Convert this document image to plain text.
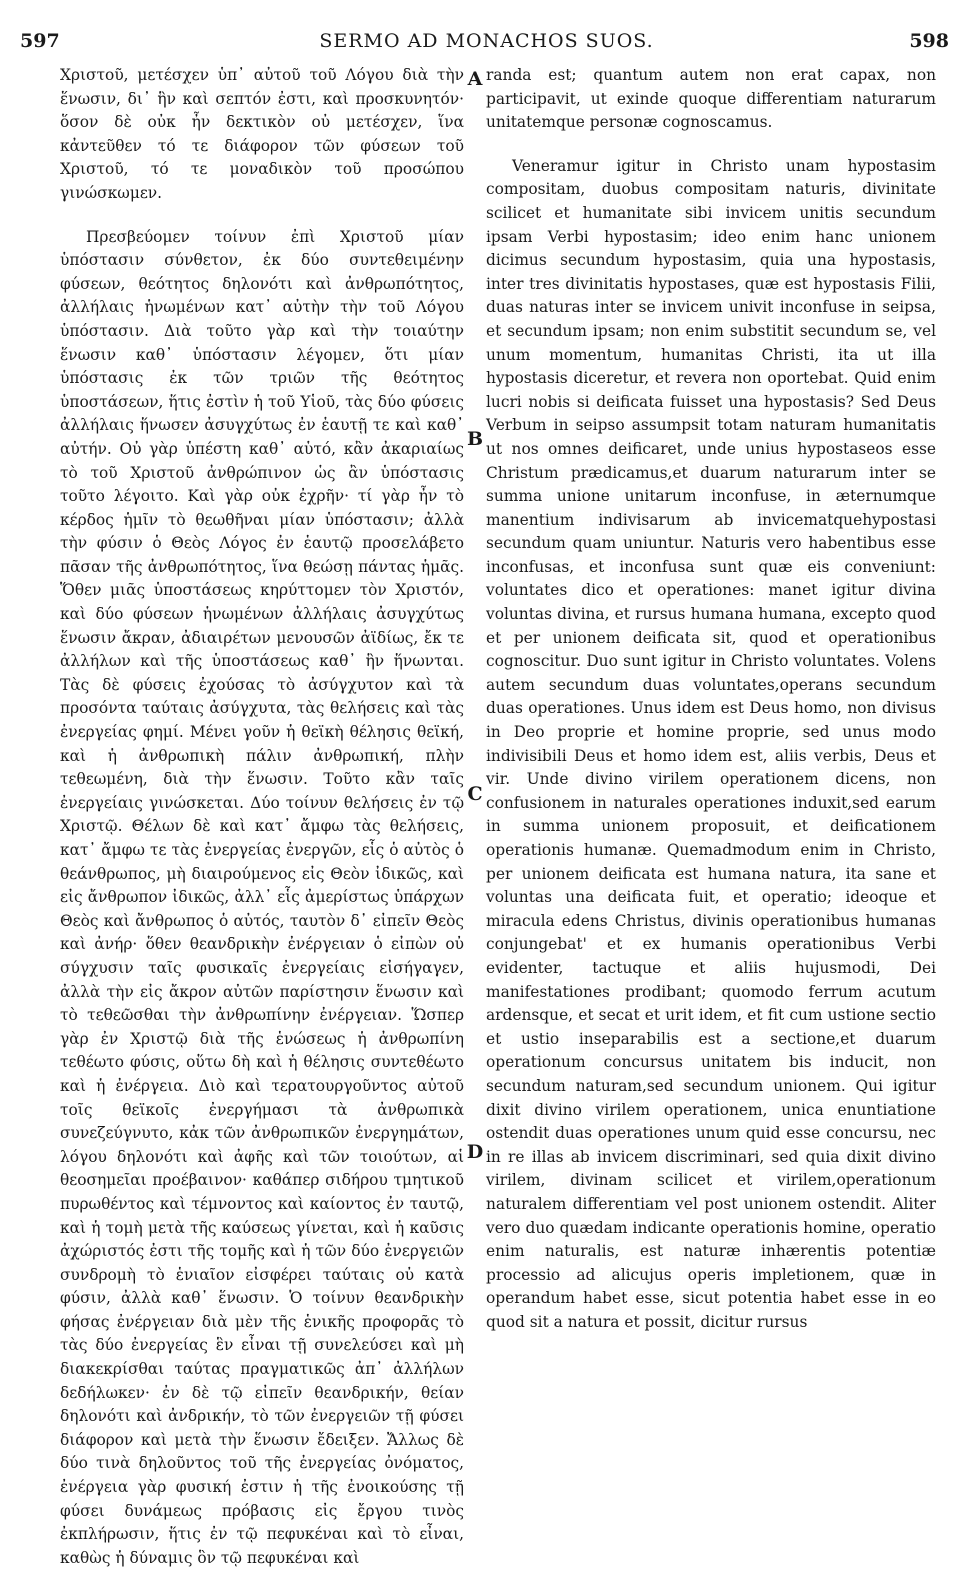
597	SERMO AD MONACHOS SUOS.	598

Χριστοῦ, μετέσχεν ὑπ᾽ αὐτοῦ τοῦ Λόγου διὰ τὴν ἕνωσιν, δι᾽ ἣν καὶ σεπτόν ἐστι, καὶ προσκυνητόν· ὅσον δὲ οὐκ ἦν δεκτικὸν οὐ μετέσχεν, ἵνα κἀντεῦθεν τό τε διάφορον τῶν φύσεων τοῦ Χριστοῦ, τό τε μοναδικὸν τοῦ προσώπου γινώσκωμεν.

Πρεσβεύομεν τοίνυν ἐπὶ Χριστοῦ μίαν ὑπόστασιν σύνθετον, ἐκ δύο συντεθειμένην φύσεων, θεότητος δηλονότι καὶ ἀνθρωπότητος, ἀλλήλαις ἡνωμένων κατ᾽ αὐτὴν τὴν τοῦ Λόγου ὑπόστασιν. Διὰ τοῦτο γὰρ καὶ τὴν τοιαύτην ἕνωσιν καθ᾽ ὑπόστασιν λέγομεν, ὅτι μίαν ὑπόστασις ἐκ τῶν τριῶν τῆς θεότητος ὑποστάσεων, ἥτις ἐστὶν ἡ τοῦ Υἱοῦ, τὰς δύο φύσεις ἀλλήλαις ἥνωσεν ἀσυγχύτως ἐν ἑαυτῇ τε καὶ καθ᾽ αὐτήν. Οὐ γὰρ ὑπέστη καθ᾽ αὑτό, κἂν ἀκαριαίως τὸ τοῦ Χριστοῦ ἀνθρώπινον ὡς ἂν ὑπόστασις τοῦτο λέγοιτο. Καὶ γὰρ οὐκ ἐχρῆν· τί γὰρ ἦν τὸ κέρδος ἡμῖν τὸ θεωθῆναι μίαν ὑπόστασιν; ἀλλὰ τὴν φύσιν ὁ Θεὸς Λόγος ἐν ἑαυτῷ προσελάβετο πᾶσαν τῆς ἀνθρωπότητος, ἵνα θεώσῃ πάντας ἡμᾶς. Ὅθεν μιᾶς ὑποστάσεως κηρύττομεν τὸν Χριστόν, καὶ δύο φύσεων ἡνωμένων ἀλλήλαις ἀσυγχύτως ἕνωσιν ἄκραν, ἀδιαιρέτων μενουσῶν ἀϊδίως, ἔκ τε ἀλλήλων καὶ τῆς ὑποστάσεως καθ᾽ ἣν ἥνωνται. Τὰς δὲ φύσεις ἐχούσας τὸ ἀσύγχυτον καὶ τὰ προσόντα ταύταις ἀσύγχυτα, τὰς θελήσεις καὶ τὰς ἐνεργείας φημί. Μένει γοῦν ἡ θεϊκὴ θέλησις θεϊκή, καὶ ἡ ἀνθρωπικὴ πάλιν ἀνθρωπική, πλὴν τεθεωμένη, διὰ τὴν ἕνωσιν. Τοῦτο κἂν ταῖς ἐνεργείαις γινώσκεται. Δύο τοίνυν θελήσεις ἐν τῷ Χριστῷ. Θέλων δὲ καὶ κατ᾽ ἄμφω τὰς θελήσεις, κατ᾽ ἄμφω τε τὰς ἐνεργείας ἐνεργῶν, εἷς ὁ αὐτὸς ὁ θεάνθρωπος, μὴ διαιρούμενος εἰς Θεὸν ἰδικῶς, καὶ εἰς ἄνθρωπον ἰδικῶς, ἀλλ᾽ εἷς ἀμερίστως ὑπάρχων Θεὸς καὶ ἄνθρωπος ὁ αὐτός, ταυτὸν δ᾽ εἰπεῖν Θεὸς καὶ ἀνήρ· ὅθεν θεανδρικὴν ἐνέργειαν ὁ εἰπὼν οὐ σύγχυσιν ταῖς φυσικαῖς ἐνεργείαις εἰσήγαγεν, ἀλλὰ τὴν εἰς ἄκρον αὐτῶν παρίστησιν ἕνωσιν καὶ τὸ τεθεῶσθαι τὴν ἀνθρωπίνην ἐνέργειαν. Ὥσπερ γὰρ ἐν Χριστῷ διὰ τῆς ἑνώσεως ἡ ἀνθρωπίνη τεθέωτο φύσις, οὕτω δὴ καὶ ἡ θέλησις συντεθέωτο καὶ ἡ ἐνέργεια. Διὸ καὶ τερατουργοῦντος αὐτοῦ τοῖς θεϊκοῖς ἐνεργήμασι τὰ ἀνθρωπικὰ συνεζεύγνυτο, κἀκ τῶν ἀνθρωπικῶν ἐνεργημάτων, λόγου δηλονότι καὶ ἀφῆς καὶ τῶν τοιούτων, αἱ θεοσημεῖαι προέβαινον· καθάπερ σιδήρου τμητικοῦ πυρωθέντος καὶ τέμνοντος καὶ καίοντος ἐν ταυτῷ, καὶ ἡ τομὴ μετὰ τῆς καύσεως γίνεται, καὶ ἡ καῦσις ἀχώριστός ἐστι τῆς τομῆς καὶ ἡ τῶν δύο ἐνεργειῶν συνδρομὴ τὸ ἑνιαῖον εἰσφέρει ταύταις οὐ κατὰ φύσιν, ἀλλὰ καθ᾽ ἕνωσιν. Ὁ τοίνυν θεανδρικὴν φήσας ἐνέργειαν διὰ μὲν τῆς ἑνικῆς προφορᾶς τὸ τὰς δύο ἐνεργείας ἓν εἶναι τῇ συνελεύσει καὶ μὴ διακεκρίσθαι ταύτας πραγματικῶς ἀπ᾽ ἀλλήλων δεδήλωκεν· ἐν δὲ τῷ εἰπεῖν θεανδρικήν, θείαν δηλονότι καὶ ἀνδρικήν, τὸ τῶν ἐνεργειῶν τῇ φύσει διάφορον καὶ μετὰ τὴν ἕνωσιν ἔδειξεν. Ἄλλως δὲ δύο τινὰ δηλοῦντος τοῦ τῆς ἐνεργείας ὀνόματος, ἐνέργεια γὰρ φυσική ἐστιν ἡ τῆς ἐνοικούσης τῇ φύσει δυνάμεως πρόβασις εἰς ἔργου τινὸς ἐκπλήρωσιν, ἥτις ἐν τῷ πεφυκέναι καὶ τὸ εἶναι, καθὼς ἡ δύναμις ὃν τῷ πεφυκέναι καὶ

A
B
C
D

randa est; quantum autem non erat capax, non participavit, ut exinde quoque differentiam naturarum unitatemque personæ cognoscamus.

Veneramur igitur in Christo unam hypostasim compositam, duobus compositam naturis, divinitate scilicet et humanitate sibi invicem unitis secundum ipsam Verbi hypostasim; ideo enim hanc unionem dicimus secundum hypostasim, quia una hypostasis, inter tres divinitatis hypostases, quæ est hypostasis Filii, duas naturas inter se invicem univit inconfuse in seipsa, et secundum ipsam; non enim substitit secundum se, vel unum momentum, humanitas Christi, ita ut illa hypostasis diceretur, et revera non oportebat. Quid enim lucri nobis si deificata fuisset una hypostasis? Sed Deus Verbum in seipso assumpsit totam naturam humanitatis ut nos omnes deificaret, unde unius hypostaseos esse Christum prædicamus,et duarum naturarum inter se summa unione unitarum inconfuse, in æternumque manentium indivisarum ab invicematquehypostasi secundum quam uniuntur. Naturis vero habentibus esse inconfusas, et inconfusa sunt quæ eis conveniunt: voluntates dico et operationes: manet igitur divina voluntas divina, et rursus humana humana, excepto quod et per unionem deificata sit, quod et operationibus cognoscitur. Duo sunt igitur in Christo voluntates. Volens autem secundum duas voluntates,operans secundum duas operationes. Unus idem est Deus homo, non divisus in Deo proprie et homine proprie, sed unus modo indivisibili Deus et homo idem est, aliis verbis, Deus et vir. Unde divino virilem operationem dicens, non confusionem in naturales operationes induxit,sed earum in summa unionem proposuit, et deificationem operationis humanæ. Quemadmodum enim in Christo, per unionem deificata est humana natura, ita sane et voluntas una deificata fuit, et operatio; ideoque et miracula edens Christus, divinis operationibus humanas conjungebat' et ex humanis operationibus Verbi evidenter, tactuque et aliis hujusmodi, Dei manifestationes prodibant; quomodo ferrum acutum ardensque, et secat et urit idem, et fit cum ustione sectio et ustio inseparabilis est a sectione,et duarum operationum concursus unitatem bis inducit, non secundum naturam,sed secundum unionem. Qui igitur dixit divino virilem operationem, unica enuntiatione ostendit duas operationes unum quid esse concursu, nec in re illas ab invicem discriminari, sed quia dixit divino virilem, divinam scilicet et virilem,operationum naturalem differentiam vel post unionem ostendit. Aliter vero duo quædam indicante operationis homine, operatio enim naturalis, est naturæ inhærentis potentiæ processio ad alicujus operis impletionem, quæ in operandum habet esse, sicut potentia habet esse in eo quod sit a natura et possit, dicitur rursus
